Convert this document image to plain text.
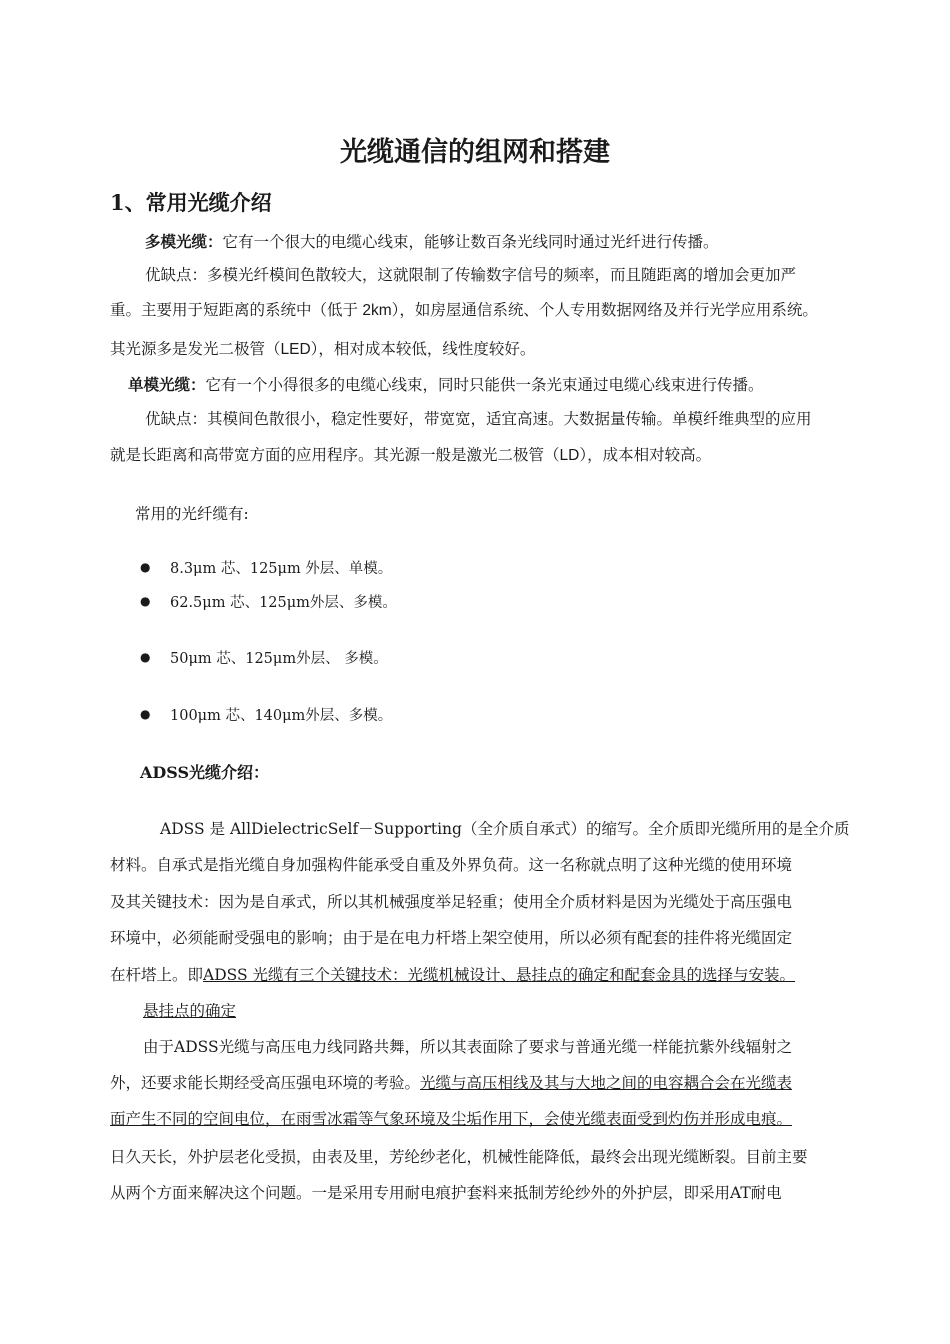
光缆通信的组网和搭建
1、常用光缆介绍
多模光缆：它有一个很大的电缆心线束，能够让数百条光线同时通过光纤进行传播。
优缺点：多模光纤模间色散较大，这就限制了传输数字信号的频率，而且随距离的增加会更加严
重。主要用于短距离的系统中（低于 2km），如房屋通信系统、个人专用数据网络及并行光学应用系统。
其光源多是发光二极管（LED），相对成本较低，线性度较好。
单模光缆：它有一个小得很多的电缆心线束，同时只能供一条光束通过电缆心线束进行传播。
优缺点：其模间色散很小，稳定性要好，带宽宽，适宜高速。大数据量传输。单模纤维典型的应用
就是长距离和高带宽方面的应用程序。其光源一般是激光二极管（LD），成本相对较高。
常用的光纤缆有:
● 8.3μm 芯、125μm 外层、单模。
● 62.5μm 芯、125μm外层、多模。
● 50μm 芯、125μm外层、 多模。
● 100μm 芯、140μm外层、多模。
ADSS光缆介绍：
ADSS 是 AllDielectricSelf－Supporting（全介质自承式）的缩写。全介质即光缆所用的是全介质
材料。自承式是指光缆自身加强构件能承受自重及外界负荷。这一名称就点明了这种光缆的使用环境
及其关键技术：因为是自承式，所以其机械强度举足轻重；使用全介质材料是因为光缆处于高压强电
环境中，必须能耐受强电的影响；由于是在电力杆塔上架空使用，所以必须有配套的挂件将光缆固定
在杆塔上。即ADSS 光缆有三个关键技术：光缆机械设计、悬挂点的确定和配套金具的选择与安装。
悬挂点的确定
由于ADSS光缆与高压电力线同路共舞，所以其表面除了要求与普通光缆一样能抗紫外线辐射之
外，还要求能长期经受高压强电环境的考验。光缆与高压相线及其与大地之间的电容耦合会在光缆表
面产生不同的空间电位，在雨雪冰霜等气象环境及尘垢作用下，会使光缆表面受到灼伤并形成电痕。
日久天长，外护层老化受损，由表及里，芳纶纱老化，机械性能降低，最终会出现光缆断裂。目前主要
从两个方面来解决这个问题。一是采用专用耐电痕护套料来抵制芳纶纱外的外护层，即采用AT耐电
